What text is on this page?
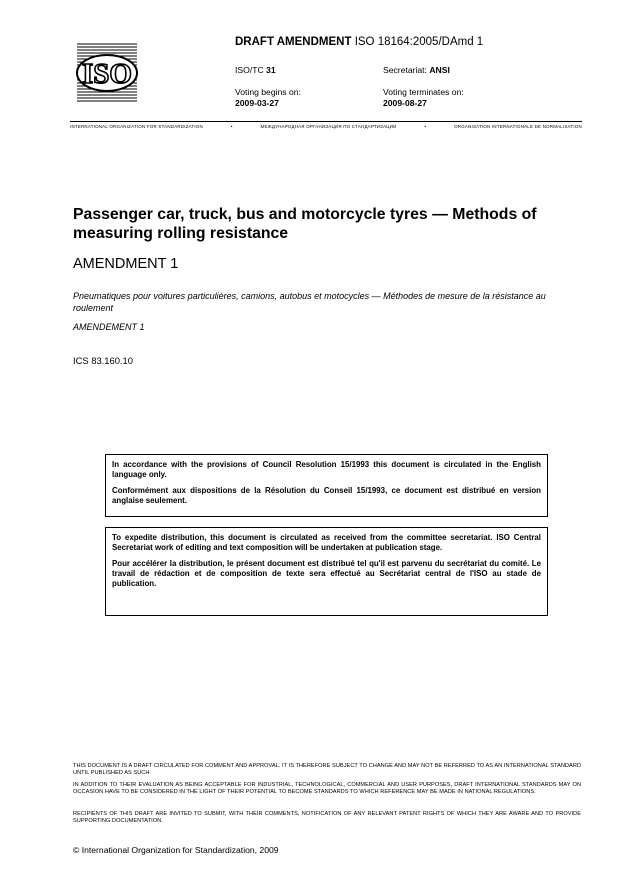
ISO
DRAFT AMENDMENT ISO 18164:2005/DAmd 1
ISO/TC 31	Secretariat: ANSI
Voting begins on:
2009-03-27
Voting terminates on:
2009-08-27
INTERNATIONAL ORGANIZATION FOR STANDARDIZATION	•	МЕЖДУНАРОДНАЯ ОРГАНИЗАЦИЯ ПО СТАНДАРТИЗАЦИИ	•	ORGANISATION INTERNATIONALE DE NORMALISATION
Passenger car, truck, bus and motorcycle tyres — Methods of measuring rolling resistance
AMENDMENT 1
Pneumatiques pour voitures particulières, camions, autobus et motocycles — Méthodes de mesure de la résistance au roulement
AMENDEMENT 1
ICS 83.160.10

In accordance with the provisions of Council Resolution 15/1993 this document is circulated in the English language only.

Conformément aux dispositions de la Résolution du Conseil 15/1993, ce document est distribué en version anglaise seulement.

To expedite distribution, this document is circulated as received from the committee secretariat. ISO Central Secretariat work of editing and text composition will be undertaken at publication stage.

Pour accélérer la distribution, le présent document est distribué tel qu'il est parvenu du secrétariat du comité. Le travail de rédaction et de composition de texte sera effectué au Secrétariat central de l'ISO au stade de publication.

THIS DOCUMENT IS A DRAFT CIRCULATED FOR COMMENT AND APPROVAL. IT IS THEREFORE SUBJECT TO CHANGE AND MAY NOT BE REFERRED TO AS AN INTERNATIONAL STANDARD UNTIL PUBLISHED AS SUCH.
IN ADDITION TO THEIR EVALUATION AS BEING ACCEPTABLE FOR INDUSTRIAL, TECHNOLOGICAL, COMMERCIAL AND USER PURPOSES, DRAFT INTERNATIONAL STANDARDS MAY ON OCCASION HAVE TO BE CONSIDERED IN THE LIGHT OF THEIR POTENTIAL TO BECOME STANDARDS TO WHICH REFERENCE MAY BE MADE IN NATIONAL REGULATIONS.
RECIPIENTS OF THIS DRAFT ARE INVITED TO SUBMIT, WITH THEIR COMMENTS, NOTIFICATION OF ANY RELEVANT PATENT RIGHTS OF WHICH THEY ARE AWARE AND TO PROVIDE SUPPORTING DOCUMENTATION.
© International Organization for Standardization, 2009
